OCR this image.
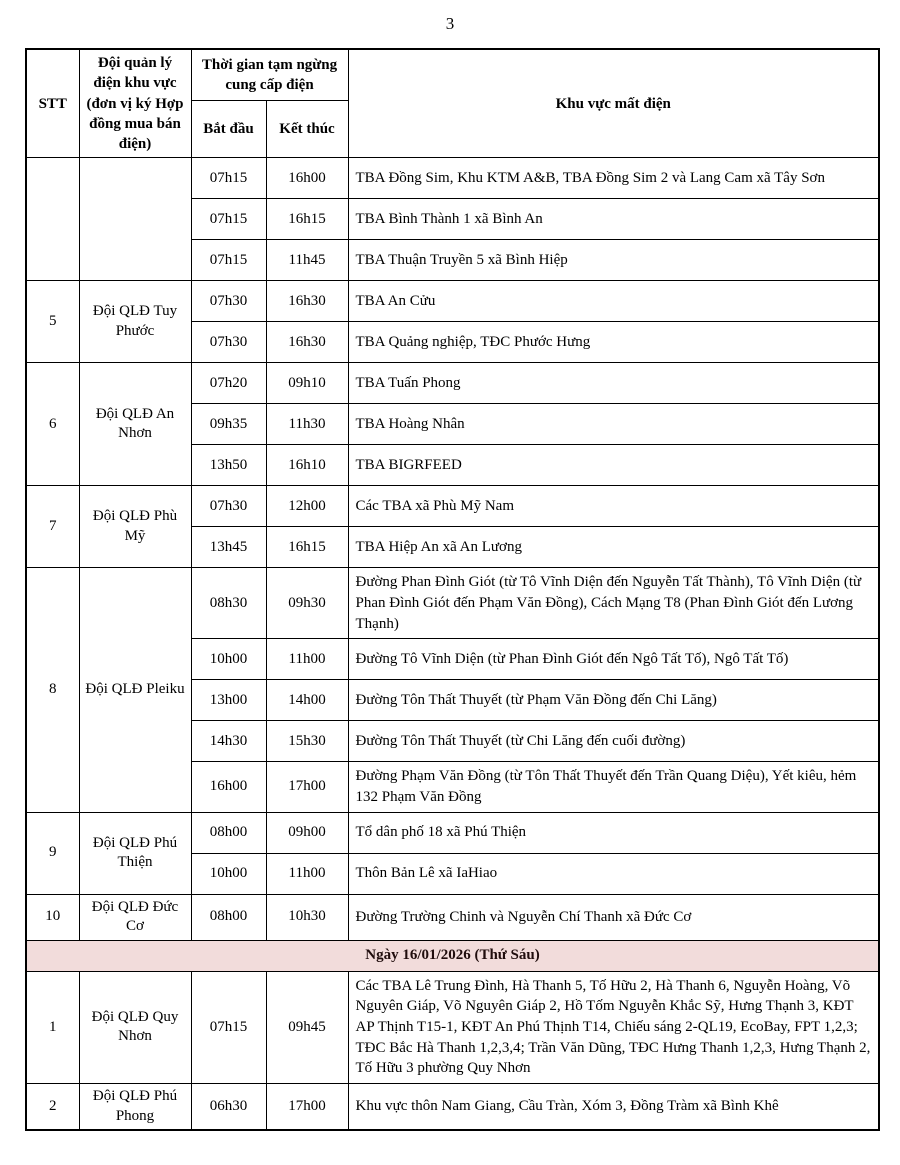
3
STT	Đội quản lý điện khu vực (đơn vị ký Hợp đồng mua bán điện)	Thời gian tạm ngừng cung cấp điện		Khu vực mất điện
		Bắt đầu	Kết thúc	
		07h15	16h00	TBA Đồng Sim, Khu KTM A&B, TBA Đồng Sim 2 và Lang Cam xã Tây Sơn
		07h15	16h15	TBA Bình Thành 1 xã Bình An
		07h15	11h45	TBA Thuận Truyền 5 xã Bình Hiệp
5	Đội QLĐ Tuy Phước	07h30	16h30	TBA An Cửu
		07h30	16h30	TBA Quảng nghiệp, TĐC Phước Hưng
6	Đội QLĐ An Nhơn	07h20	09h10	TBA Tuấn Phong
		09h35	11h30	TBA Hoàng Nhân
		13h50	16h10	TBA BIGRFEED
7	Đội QLĐ Phù Mỹ	07h30	12h00	Các TBA xã Phù Mỹ Nam
		13h45	16h15	TBA Hiệp An xã An Lương
8	Đội QLĐ Pleiku	08h30	09h30	Đường Phan Đình Giót (từ Tô Vĩnh Diện đến Nguyễn Tất Thành), Tô Vĩnh Diện (từ Phan Đình Giót đến Phạm Văn Đồng), Cách Mạng T8 (Phan Đình Giót đến Lương Thạnh)
		10h00	11h00	Đường Tô Vĩnh Diện (từ Phan Đình Giót đến Ngô Tất Tố), Ngô Tất Tố)
		13h00	14h00	Đường Tôn Thất Thuyết (từ Phạm Văn Đồng đến Chi Lăng)
		14h30	15h30	Đường Tôn Thất Thuyết (từ Chi Lăng đến cuối đường)
		16h00	17h00	Đường Phạm Văn Đồng (từ Tôn Thất Thuyết đến Trần Quang Diệu), Yết kiêu, hẻm 132 Phạm Văn Đồng
9	Đội QLĐ Phú Thiện	08h00	09h00	Tổ dân phố 18 xã Phú Thiện
		10h00	11h00	Thôn Bản Lê xã IaHiao
10	Đội QLĐ Đức Cơ	08h00	10h30	Đường Trường Chinh và Nguyễn Chí Thanh xã Đức Cơ
Ngày 16/01/2026 (Thứ Sáu)				
1	Đội QLĐ Quy Nhơn	07h15	09h45	Các TBA Lê Trung Đình, Hà Thanh 5, Tố Hữu 2, Hà Thanh 6, Nguyễn Hoàng, Võ Nguyên Giáp, Võ Nguyên Giáp 2, Hồ Tốm Nguyễn Khắc Sỹ, Hưng Thạnh 3, KĐT AP Thịnh T15-1, KĐT An Phú Thịnh T14, Chiếu sáng 2-QL19, EcoBay, FPT 1,2,3; TĐC Bắc Hà Thanh 1,2,3,4; Trần Văn Dũng, TĐC Hưng Thanh 1,2,3, Hưng Thạnh 2, Tố Hữu 3 phường Quy Nhơn
2	Đội QLĐ Phú Phong	06h30	17h00	Khu vực thôn Nam Giang, Cầu Tràn, Xóm 3, Đồng Tràm xã Bình Khê
